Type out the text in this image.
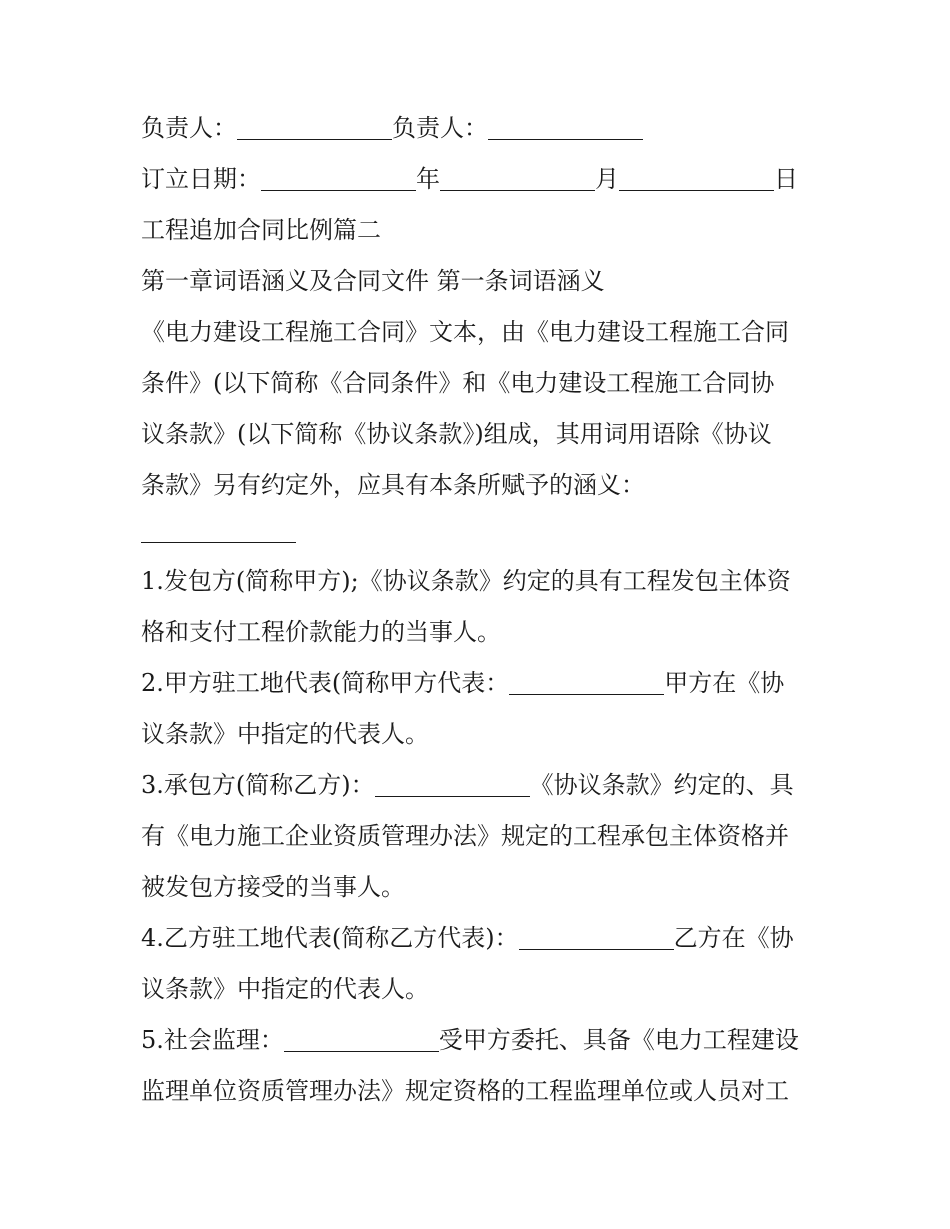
负责人：	负责人：
订立日期：	年	月	日
工程追加合同比例篇二
第一章词语涵义及合同文件 第一条词语涵义
《电力建设工程施工合同》文本，由《电力建设工程施工合同
条件》(以下简称《合同条件》和《电力建设工程施工合同协
议条款》(以下简称《协议条款》)组成，其用词用语除《协议
条款》另有约定外，应具有本条所赋予的涵义：
1.发包方(简称甲方);《协议条款》约定的具有工程发包主体资
格和支付工程价款能力的当事人。
2.甲方驻工地代表(简称甲方代表：	甲方在《协
议条款》中指定的代表人。
3.承包方(简称乙方)：	《协议条款》约定的、具
有《电力施工企业资质管理办法》规定的工程承包主体资格并
被发包方接受的当事人。
4.乙方驻工地代表(简称乙方代表)：	乙方在《协
议条款》中指定的代表人。
5.社会监理：	受甲方委托、具备《电力工程建设
监理单位资质管理办法》规定资格的工程监理单位或人员对工
